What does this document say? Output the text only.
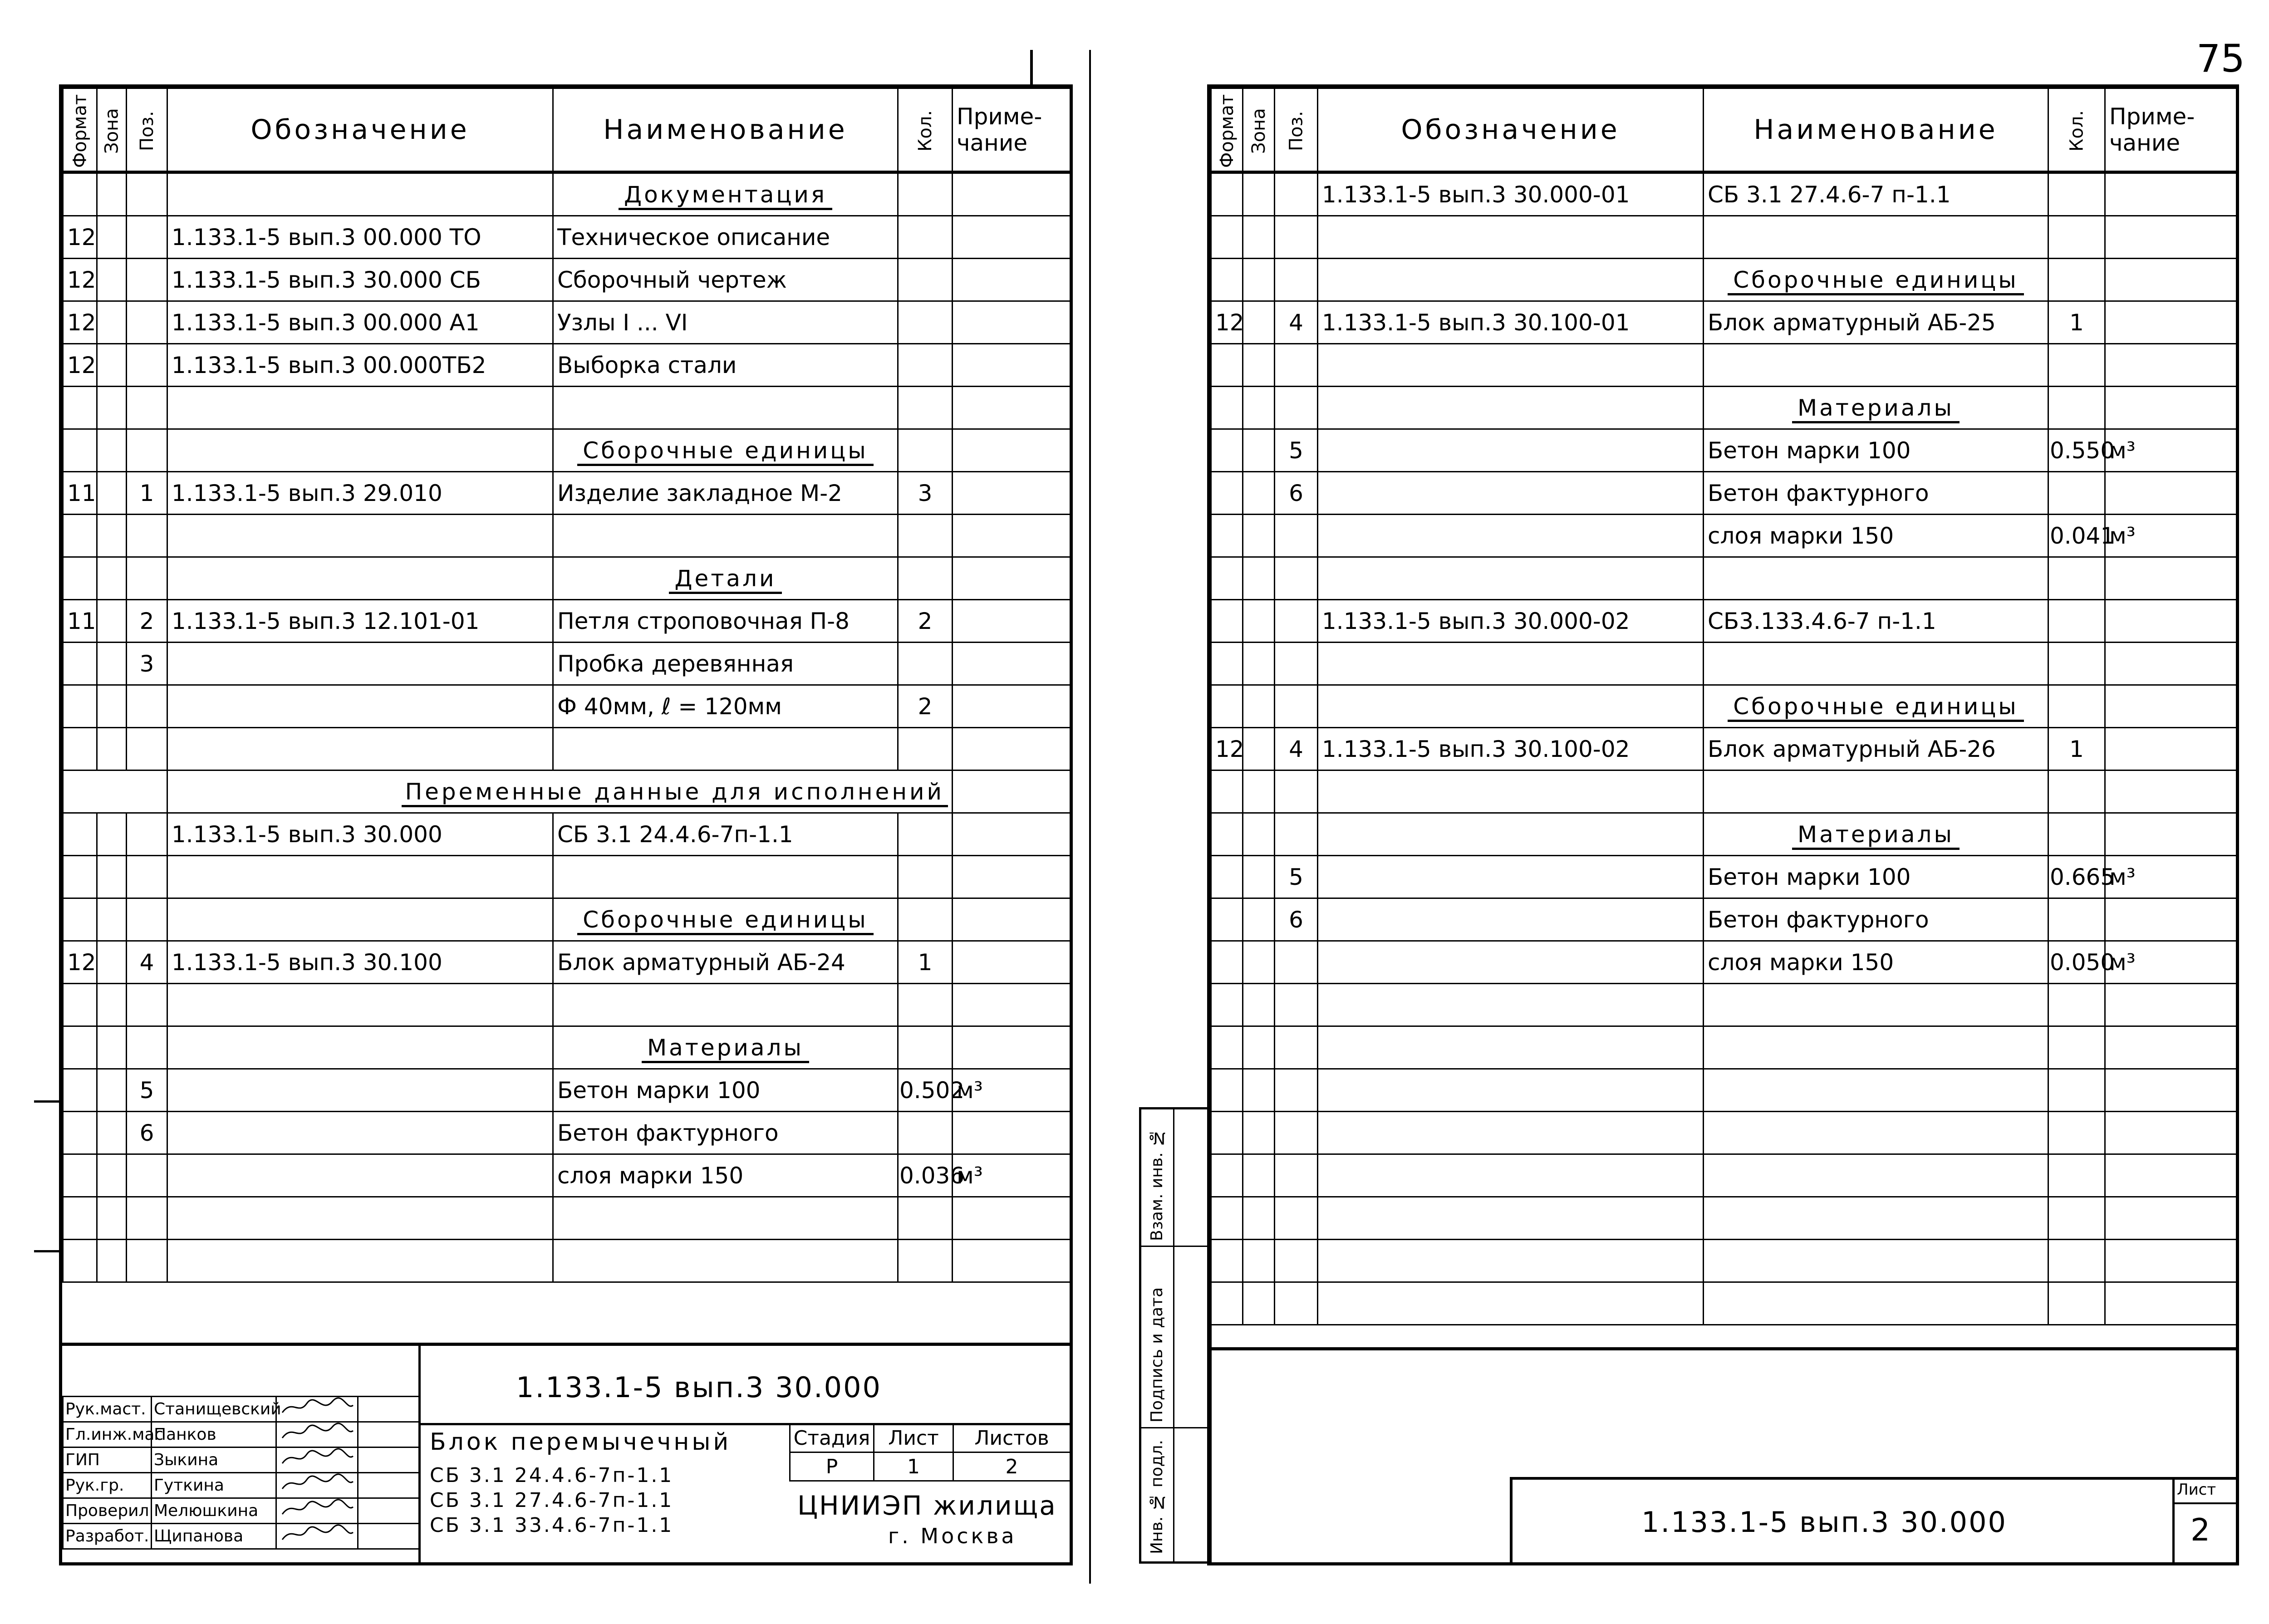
75
Формат	Зона	Поз.	Обозначение	Наименование	Кол.	Приме-
чание

				Документация		
12			1.133.1-5 вып.3 00.000 ТО	Техническое описание		
12			1.133.1-5 вып.3 30.000 СБ	Сборочный чертеж		
12			1.133.1-5 вып.3 00.000 А1	Узлы I ... VI		
12			1.133.1-5 вып.3 00.000ТБ2	Выборка стали		

				Сборочные единицы		
11		1	1.133.1-5 вып.3 29.010	Изделие закладное М-2	3	

				Детали		
11		2	1.133.1-5 вып.3 12.101-01	Петля строповочная П-8	2	
		3		Пробка деревянная		
				Ф 40мм, ℓ = 120мм	2	

			Переменные данные для исполнений			
			1.133.1-5 вып.3 30.000	СБ 3.1 24.4.6-7п-1.1		

				Сборочные единицы		
12		4	1.133.1-5 вып.3 30.100	Блок арматурный АБ-24	1	

				Материалы		
		5		Бетон марки 100	0.502	м³
		6		Бетон фактурного		
				слоя марки 150	0.036	м³

Рук.маст.	Станищевский		
Гл.инж.мас	Панков		
ГИП	Зыкина		
Рук.гр.	Гуткина		
Проверил	Мелюшкина		
Разработ.	Щипанова		
1.133.1-5 вып.3 30.000
Блок перемычечный
СБ 3.1 24.4.6-7п-1.1
СБ 3.1 27.4.6-7п-1.1
СБ 3.1 33.4.6-7п-1.1
Стадия	Лист	Листов
Р	1	2
ЦНИИЭП жилища
г. Москва
Формат	Зона	Поз.	Обозначение	Наименование	Кол.	Приме-
чание

			1.133.1-5 вып.3 30.000-01	СБ 3.1 27.4.6-7 п-1.1		

				Сборочные единицы		
12		4	1.133.1-5 вып.3 30.100-01	Блок арматурный АБ-25	1	

				Материалы		
		5		Бетон марки 100	0.550	м³
		6		Бетон фактурного		
				слоя марки 150	0.041	м³

			1.133.1-5 вып.3 30.000-02	СБ3.133.4.6-7 п-1.1		

				Сборочные единицы		
12		4	1.133.1-5 вып.3 30.100-02	Блок арматурный АБ-26	1	

				Материалы		
		5		Бетон марки 100	0.665	м³
		6		Бетон фактурного		
				слоя марки 150	0.050	м³

1.133.1-5 вып.3 30.000
Лист
2
Взам. инв. №
Подпись и дата
Инв. № подл.
